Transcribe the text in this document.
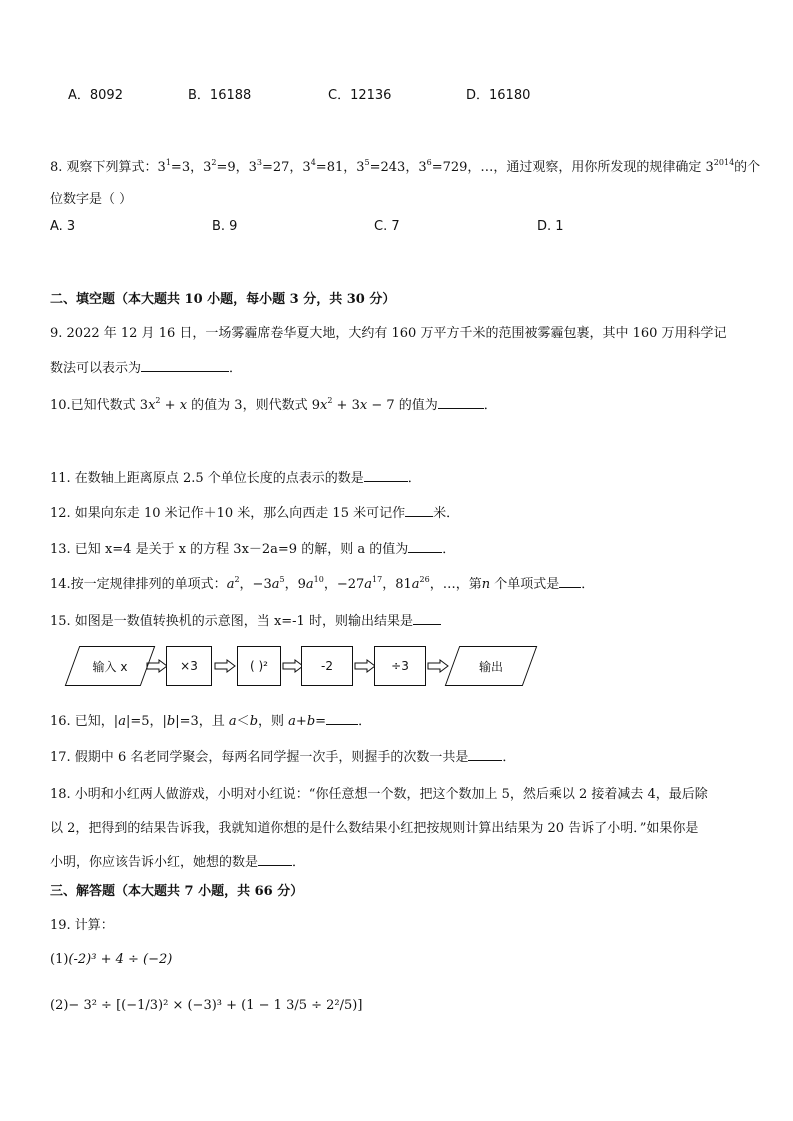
A．8092	B．16188	C．12136	D．16180
8. 观察下列算式：$3^1=3$，$3^2=9$，$3^3=27$，$3^4=81$，$3^5=243$，$3^6=729$，…，通过观察，用你所发现的规律确定 $3^{2014}$的个
位数字是（ ）
A. 3	B. 9	C. 7	D. 1
二、填空题（本大题共 10 小题，每小题 3 分，共 30 分）
9. 2022 年 12 月 16 日，一场雾霾席卷华夏大地，大约有 160 万平方千米的范围被雾霾包裹，其中 160 万用科学记
数法可以表示为	．
10.已知代数式 $3x^2 + x$ 的值为 3，则代数式 $9x^2 + 3x - 7$ 的值为	．
11. 在数轴上距离原点 2.5 个单位长度的点表示的数是	．
12. 如果向东走 10 米记作＋10 米，那么向西走 15 米可记作 米．
13. 已知 x=4 是关于 x 的方程 3x－2a=9 的解，则 a 的值为	．
14.按一定规律排列的单项式：$a^2$，$-3a^5$，$9a^{10}$，$-27a^{17}$，$81a^{26}$，…，第n 个单项式是 ．
15. 如图是一数值转换机的示意图，当 x=-1 时，则输出结果是
输入 x	×3	( )²	-2	÷3	输出
16. 已知，|a|=5，|b|=3，且 a＜b，则 a+b= ．
17. 假期中 6 名老同学聚会，每两名同学握一次手，则握手的次数一共是	．
18. 小明和小红两人做游戏，小明对小红说：“你任意想一个数，把这个数加上 5，然后乘以 2 接着减去 4，最后除
以 2，把得到的结果告诉我，我就知道你想的是什么数结果小红把按规则计算出结果为 20 告诉了小明．”如果你是
小明，你应该告诉小红，她想的数是	．
三、解答题（本大题共 7 小题，共 66 分）
19. 计算：
(1)(-2)³ + 4 ÷ (−2)
(2)− 3² ÷ [(−1/3)² × (−3)³ + (1 − 1 3/5 ÷ 2²/5)]
